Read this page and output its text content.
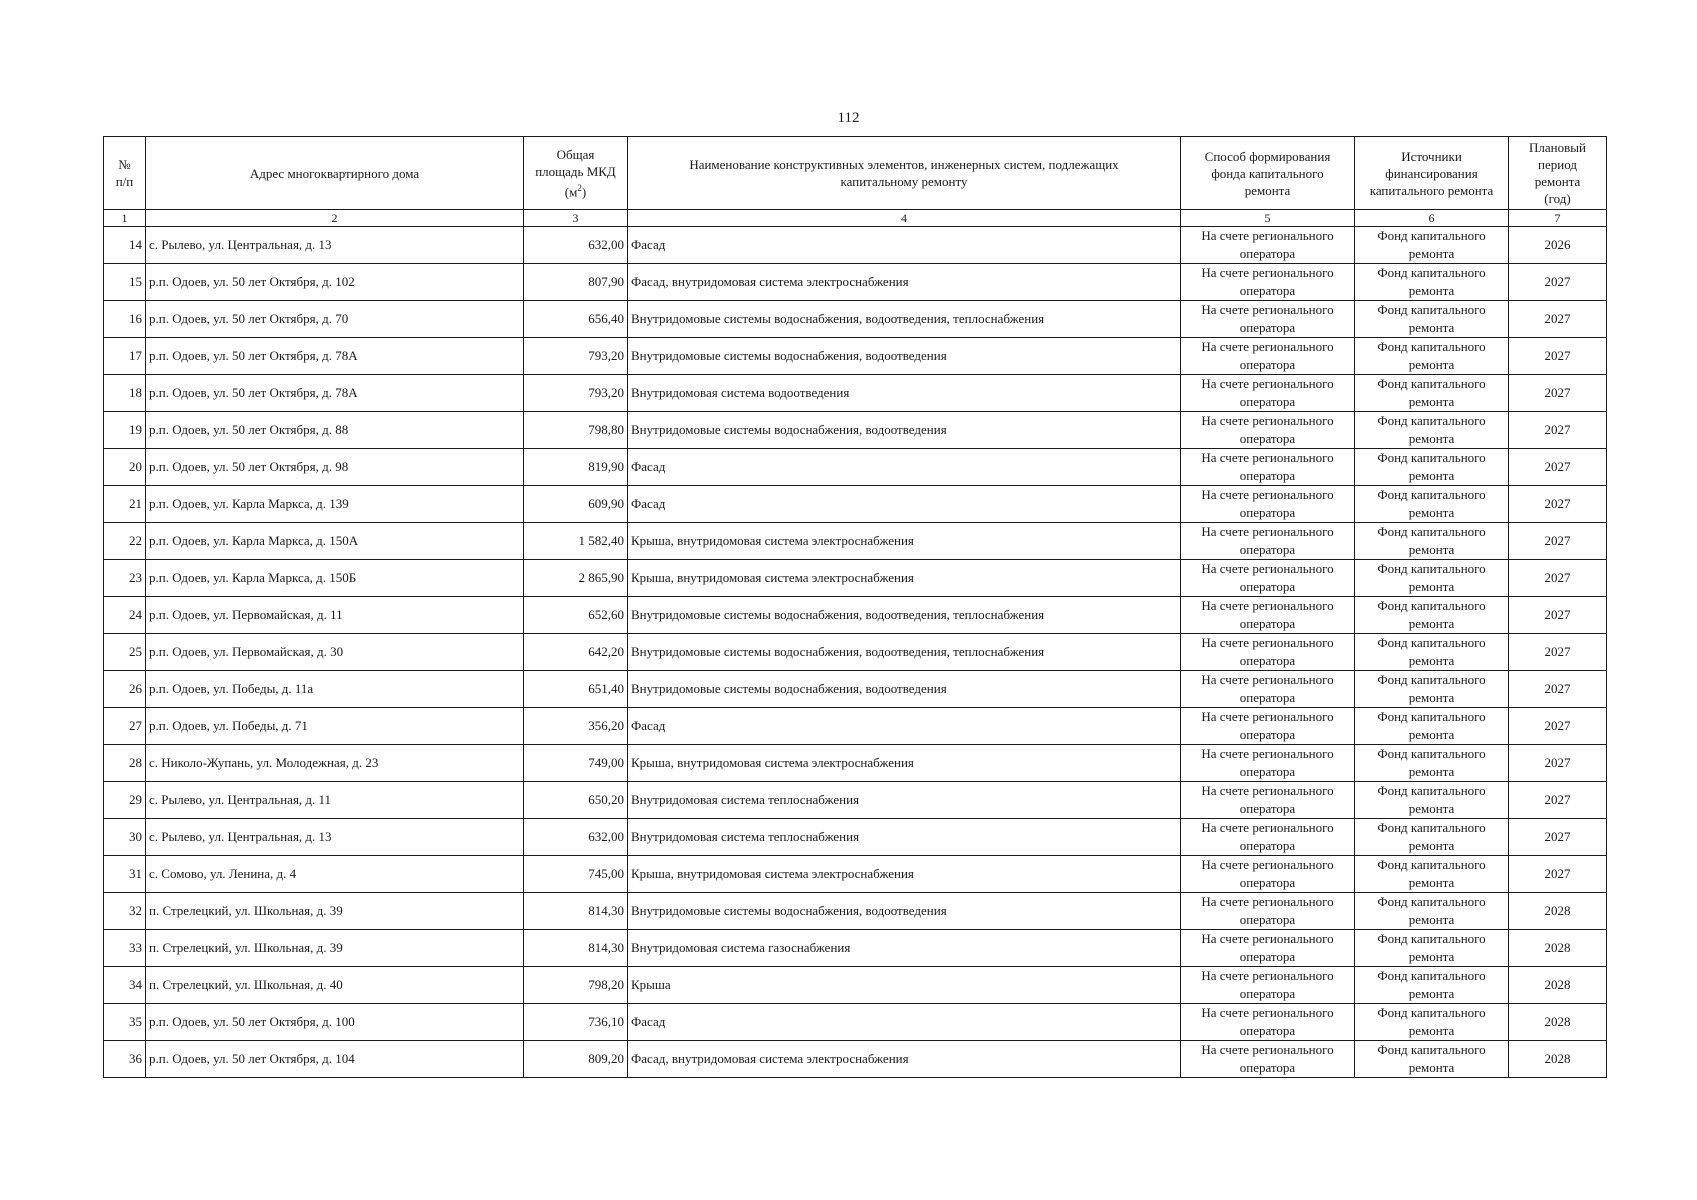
112
№
п/п	Адрес многоквартирного дома	Общая
площадь МКД
$(м^2)$	Наименование конструктивных элементов, инженерных систем, подлежащих
капитальному ремонту	Способ формирования
фонда капитального
ремонта	Источники
финансирования
капитального ремонта	Плановый
период
ремонта
(год)

1	2	3	4	5	6	7
14	с. Рылево, ул. Центральная, д. 13	632,00	Фасад	На счете регионального
оператора	Фонд капитального
ремонта	2026
15	р.п. Одоев, ул. 50 лет Октября, д. 102	807,90	Фасад, внутридомовая система электроснабжения	На счете регионального
оператора	Фонд капитального
ремонта	2027
16	р.п. Одоев, ул. 50 лет Октября, д. 70	656,40	Внутридомовые системы водоснабжения, водоотведения, теплоснабжения	На счете регионального
оператора	Фонд капитального
ремонта	2027
17	р.п. Одоев, ул. 50 лет Октября, д. 78А	793,20	Внутридомовые системы водоснабжения, водоотведения	На счете регионального
оператора	Фонд капитального
ремонта	2027
18	р.п. Одоев, ул. 50 лет Октября, д. 78А	793,20	Внутридомовая система водоотведения	На счете регионального
оператора	Фонд капитального
ремонта	2027
19	р.п. Одоев, ул. 50 лет Октября, д. 88	798,80	Внутридомовые системы водоснабжения, водоотведения	На счете регионального
оператора	Фонд капитального
ремонта	2027
20	р.п. Одоев, ул. 50 лет Октября, д. 98	819,90	Фасад	На счете регионального
оператора	Фонд капитального
ремонта	2027
21	р.п. Одоев, ул. Карла Маркса, д. 139	609,90	Фасад	На счете регионального
оператора	Фонд капитального
ремонта	2027
22	р.п. Одоев, ул. Карла Маркса, д. 150А	1 582,40	Крыша, внутридомовая система электроснабжения	На счете регионального
оператора	Фонд капитального
ремонта	2027
23	р.п. Одоев, ул. Карла Маркса, д. 150Б	2 865,90	Крыша, внутридомовая система электроснабжения	На счете регионального
оператора	Фонд капитального
ремонта	2027
24	р.п. Одоев, ул. Первомайская, д. 11	652,60	Внутридомовые системы водоснабжения, водоотведения, теплоснабжения	На счете регионального
оператора	Фонд капитального
ремонта	2027
25	р.п. Одоев, ул. Первомайская, д. 30	642,20	Внутридомовые системы водоснабжения, водоотведения, теплоснабжения	На счете регионального
оператора	Фонд капитального
ремонта	2027
26	р.п. Одоев, ул. Победы, д. 11а	651,40	Внутридомовые системы водоснабжения, водоотведения	На счете регионального
оператора	Фонд капитального
ремонта	2027
27	р.п. Одоев, ул. Победы, д. 71	356,20	Фасад	На счете регионального
оператора	Фонд капитального
ремонта	2027
28	с. Николо-Жупань, ул. Молодежная, д. 23	749,00	Крыша, внутридомовая система электроснабжения	На счете регионального
оператора	Фонд капитального
ремонта	2027
29	с. Рылево, ул. Центральная, д. 11	650,20	Внутридомовая система теплоснабжения	На счете регионального
оператора	Фонд капитального
ремонта	2027
30	с. Рылево, ул. Центральная, д. 13	632,00	Внутридомовая система теплоснабжения	На счете регионального
оператора	Фонд капитального
ремонта	2027
31	с. Сомово, ул. Ленина, д. 4	745,00	Крыша, внутридомовая система электроснабжения	На счете регионального
оператора	Фонд капитального
ремонта	2027
32	п. Стрелецкий, ул. Школьная, д. 39	814,30	Внутридомовые системы водоснабжения, водоотведения	На счете регионального
оператора	Фонд капитального
ремонта	2028
33	п. Стрелецкий, ул. Школьная, д. 39	814,30	Внутридомовая система газоснабжения	На счете регионального
оператора	Фонд капитального
ремонта	2028
34	п. Стрелецкий, ул. Школьная, д. 40	798,20	Крыша	На счете регионального
оператора	Фонд капитального
ремонта	2028
35	р.п. Одоев, ул. 50 лет Октября, д. 100	736,10	Фасад	На счете регионального
оператора	Фонд капитального
ремонта	2028
36	р.п. Одоев, ул. 50 лет Октября, д. 104	809,20	Фасад, внутридомовая система электроснабжения	На счете регионального
оператора	Фонд капитального
ремонта	2028
